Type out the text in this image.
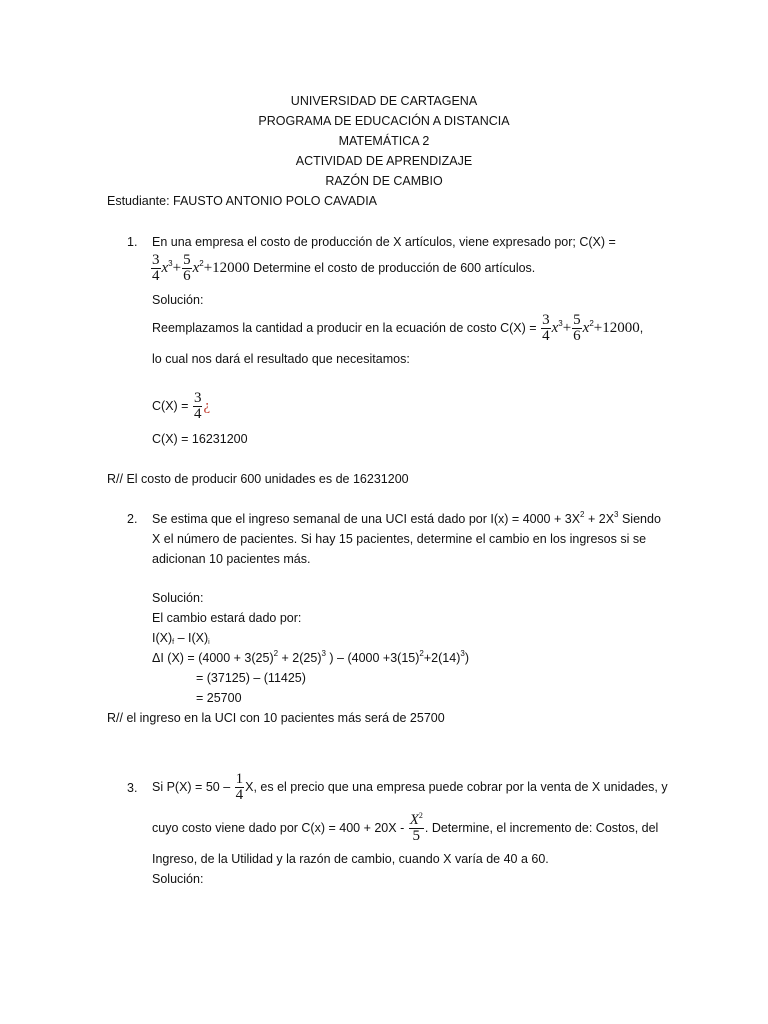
UNIVERSIDAD DE CARTAGENA
PROGRAMA DE EDUCACIÓN A DISTANCIA
MATEMÁTICA 2
ACTIVIDAD DE APRENDIZAJE
RAZÓN DE CAMBIO
Estudiante: FAUSTO ANTONIO POLO CAVADIA
1. En una empresa el costo de producción de X artículos, viene expresado por; C(X) =
$\frac{3}{4} x^3+ \frac{5}{6} x^2+12000$ Determine el costo de producción de 600 artículos.
Solución:
Reemplazamos la cantidad a producir en la ecuación de costo $C(X) = \frac{3}{4} x^3+ \frac{5}{6} x^2+12000$,
lo cual nos dará el resultado que necesitamos:
$C(X) = \frac{3}{4}$ ¿
C(X) = 16231200
R// El costo de producir 600 unidades es de 16231200
2. Se estima que el ingreso semanal de una UCI está dado por $I(x) = 4000 + 3X^2 + 2X^3$ Siendo
X el número de pacientes. Si hay 15 pacientes, determine el cambio en los ingresos si se
adicionan 10 pacientes más.
Solución:
El cambio estará dado por:
$I(X)_f - I(X)_i$
ΔI $(X) = (4000 + 3(25)^2 + 2(25)^3$ ) – $(4000 +3(15)^2+2(14)^3)$
= (37125) – (11425)
= 25700
R// el ingreso en la UCI con 10 pacientes más será de 25700
3. Si $P(X) = 50 - \frac{1}{4} X$, es el precio que una empresa puede cobrar por la venta de X unidades, y
cuyo costo viene dado por $C(x) = 400 + 20X - \frac{X^2}{5}$ . Determine, el incremento de: Costos, del
Ingreso, de la Utilidad y la razón de cambio, cuando X varía de 40 a 60.
Solución:
